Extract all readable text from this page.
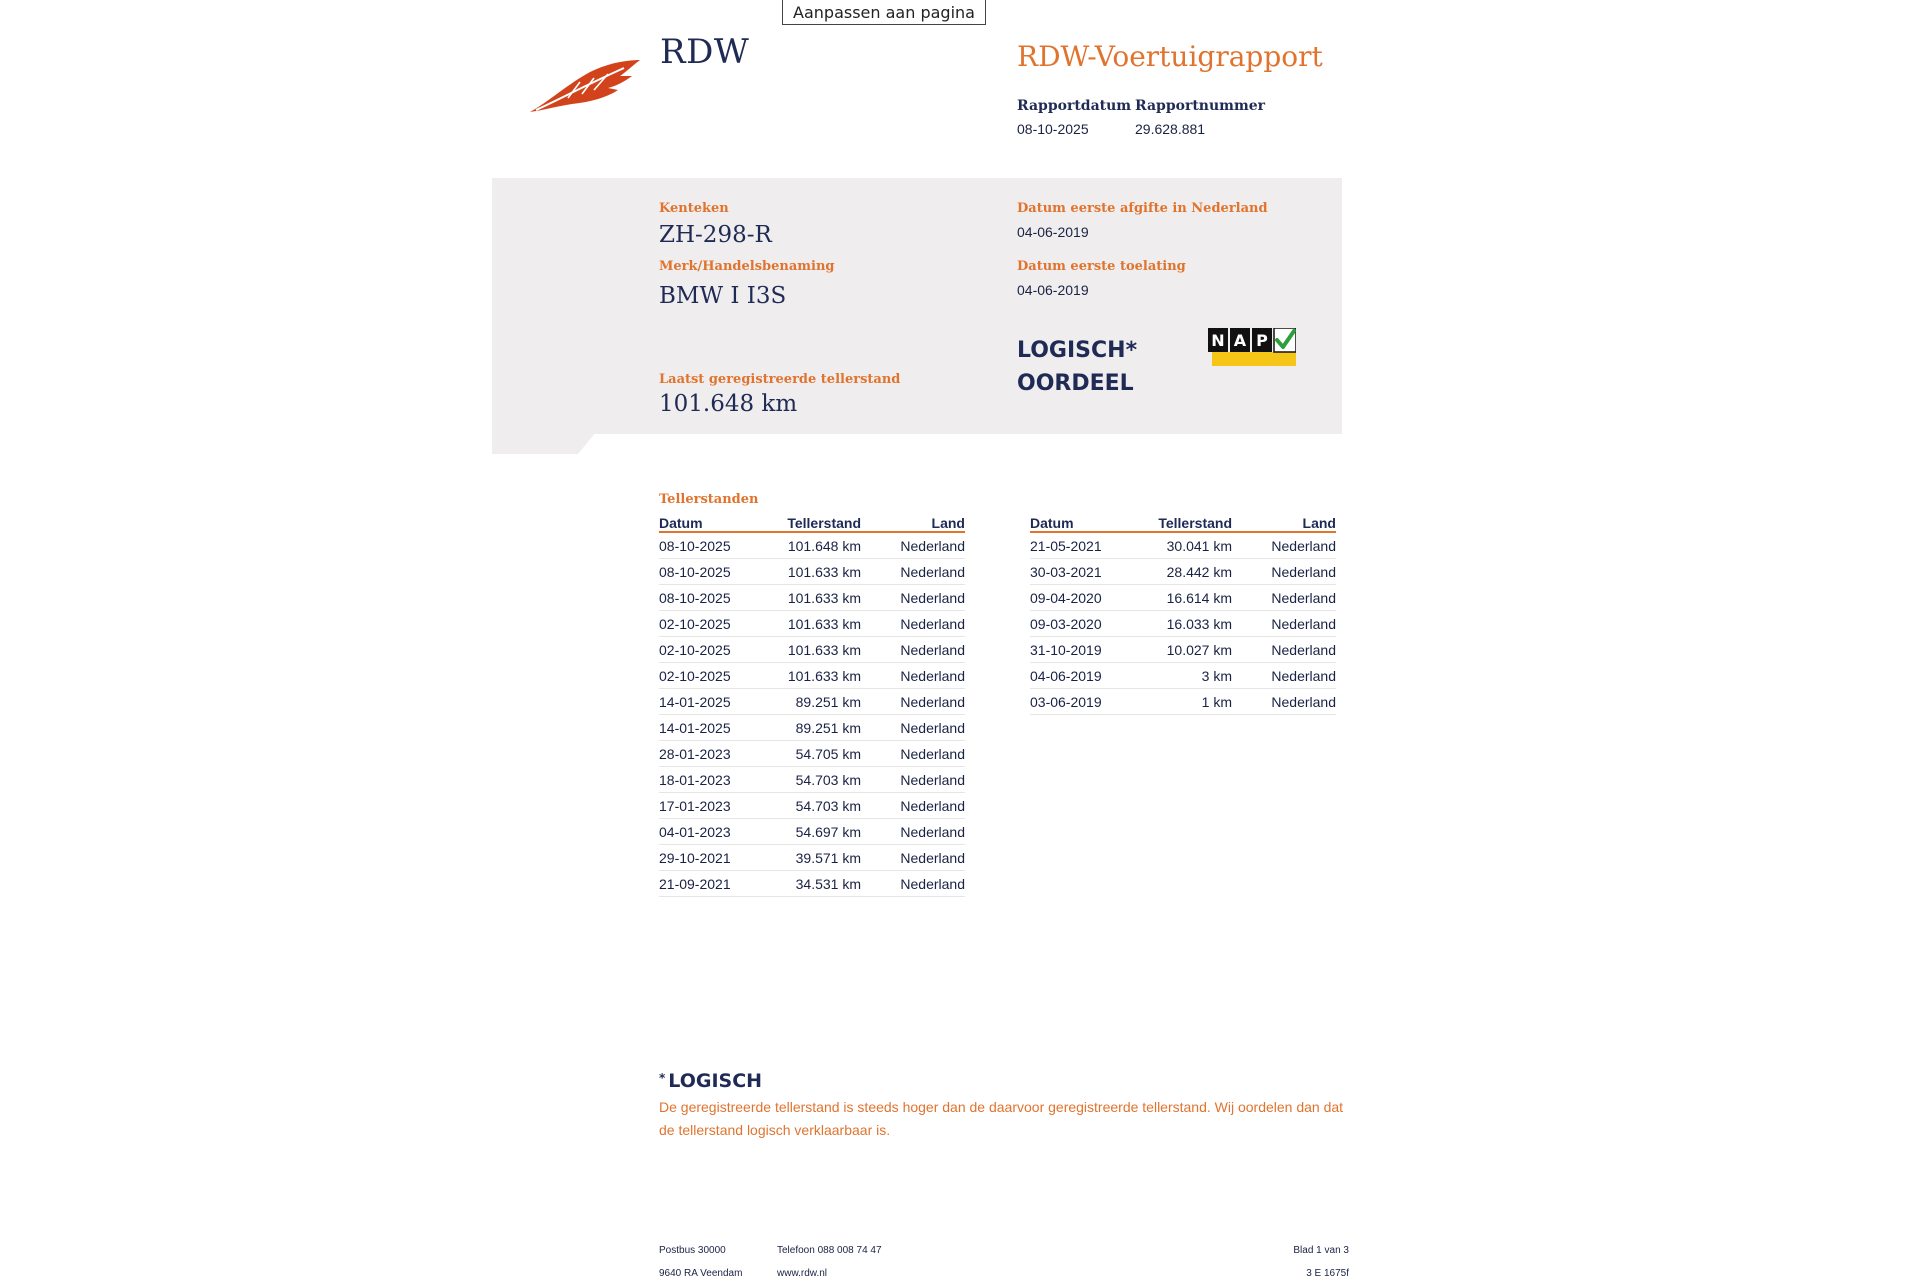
Aanpassen aan pagina
RDW	RDW-Voertuigrapport
Rapportdatum
08-10-2025
Rapportnummer
29.628.881
Kenteken
ZH-298-R
Merk/Handelsbenaming
BMW I I3S
Laatst geregistreerde tellerstand
101.648 km
Datum eerste afgifte in Nederland
04-06-2019
Datum eerste toelating
04-06-2019
LOGISCH*
OORDEEL
N A P
Tellerstanden
Datum	Tellerstand	Land
08-10-2025	101.648 km	Nederland
08-10-2025	101.633 km	Nederland
08-10-2025	101.633 km	Nederland
02-10-2025	101.633 km	Nederland
02-10-2025	101.633 km	Nederland
02-10-2025	101.633 km	Nederland
14-01-2025	89.251 km	Nederland
14-01-2025	89.251 km	Nederland
28-01-2023	54.705 km	Nederland
18-01-2023	54.703 km	Nederland
17-01-2023	54.703 km	Nederland
04-01-2023	54.697 km	Nederland
29-10-2021	39.571 km	Nederland
21-09-2021	34.531 km	Nederland
Datum	Tellerstand	Land
21-05-2021	30.041 km	Nederland
30-03-2021	28.442 km	Nederland
09-04-2020	16.614 km	Nederland
09-03-2020	16.033 km	Nederland
31-10-2019	10.027 km	Nederland
04-06-2019	3 km	Nederland
03-06-2019	1 km	Nederland
* LOGISCH
De geregistreerde tellerstand is steeds hoger dan de daarvoor geregistreerde tellerstand. Wij oordelen dan dat de tellerstand logisch verklaarbaar is.
Postbus 30000
9640 RA Veendam
Telefoon 088 008 74 47
www.rdw.nl
Blad 1 van 3
3 E 1675f
